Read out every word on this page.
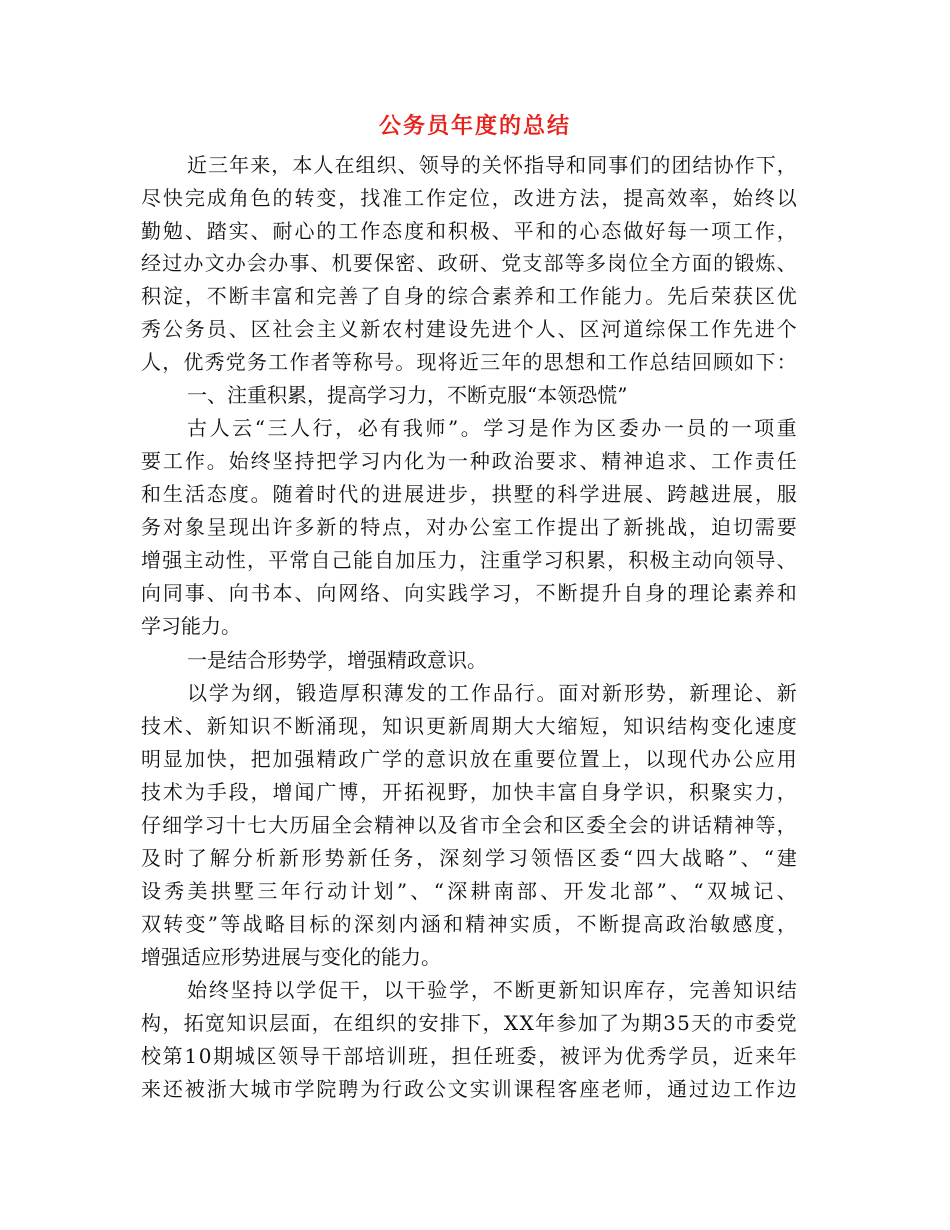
公务员年度的总结
近 三 年 来 ， 本 人 在 组 织 、 领 导 的 关 怀 指 导 和 同 事 们 的 团 结 协 作 下 ，
尽 快 完 成 角 色 的 转 变 ， 找 准 工 作 定 位 ， 改 进 方 法 ， 提 高 效 率 ， 始 终 以
勤 勉 、 踏 实 、 耐 心 的 工 作 态 度 和 积 极 、 平 和 的 心 态 做 好 每 一 项 工 作 ，
经 过 办 文 办 会 办 事 、 机 要 保 密 、 政 研 、 党 支 部 等 多 岗 位 全 方 面 的 锻 炼 、
积 淀 ， 不 断 丰 富 和 完 善 了 自 身 的 综 合 素 养 和 工 作 能 力 。 先 后 荣 获 区 优
秀 公 务 员 、 区 社 会 主 义 新 农 村 建 设 先 进 个 人 、 区 河 道 综 保 工 作 先 进 个
人 ， 优 秀 党 务 工 作 者 等 称 号 。 现 将 近 三 年 的 思 想 和 工 作 总 结 回 顾 如 下 ：
一、注重积累，提高学习力，不断克服“本领恐慌”
古 人 云 “ 三 人 行 ， 必 有 我 师 ” 。 学 习 是 作 为 区 委 办 一 员 的 一 项 重
要 工 作 。 始 终 坚 持 把 学 习 内 化 为 一 种 政 治 要 求 、 精 神 追 求 、 工 作 责 任
和 生 活 态 度 。 随 着 时 代 的 进 展 进 步 ， 拱 墅 的 科 学 进 展 、 跨 越 进 展 ， 服
务 对 象 呈 现 出 许 多 新 的 特 点 ， 对 办 公 室 工 作 提 出 了 新 挑 战 ， 迫 切 需 要
增 强 主 动 性 ， 平 常 自 己 能 自 加 压 力 ， 注 重 学 习 积 累 ， 积 极 主 动 向 领 导 、
向 同 事 、 向 书 本 、 向 网 络 、 向 实 践 学 习 ， 不 断 提 升 自 身 的 理 论 素 养 和
学习能力。
一是结合形势学，增强精政意识。
以 学 为 纲 ， 锻 造 厚 积 薄 发 的 工 作 品 行 。 面 对 新 形 势 ， 新 理 论 、 新
技 术 、 新 知 识 不 断 涌 现 ， 知 识 更 新 周 期 大 大 缩 短 ， 知 识 结 构 变 化 速 度
明 显 加 快 ， 把 加 强 精 政 广 学 的 意 识 放 在 重 要 位 置 上 ， 以 现 代 办 公 应 用
技 术 为 手 段 ， 增 闻 广 博 ， 开 拓 视 野 ， 加 快 丰 富 自 身 学 识 ， 积 聚 实 力 ，
仔 细 学 习 十 七 大 历 届 全 会 精 神 以 及 省 市 全 会 和 区 委 全 会 的 讲 话 精 神 等 ，
及 时 了 解 分 析 新 形 势 新 任 务 ， 深 刻 学 习 领 悟 区 委 “ 四 大 战 略 ” 、 “ 建
设 秀 美 拱 墅 三 年 行 动 计 划 ” 、 “ 深 耕 南 部 、 开 发 北 部 ” 、 “ 双 城 记 、
双 转 变 ” 等 战 略 目 标 的 深 刻 内 涵 和 精 神 实 质 ， 不 断 提 高 政 治 敏 感 度 ，
增强适应形势进展与变化的能力。
始 终 坚 持 以 学 促 干 ， 以 干 验 学 ， 不 断 更 新 知 识 库 存 ， 完 善 知 识 结
构 ， 拓 宽 知 识 层 面 ， 在 组 织 的 安 排 下 ， X X 年 参 加 了 为 期 3 5 天 的 市 委 党
校 第 1 0 期 城 区 领 导 干 部 培 训 班 ， 担 任 班 委 ， 被 评 为 优 秀 学 员 ， 近 来 年
来 还 被 浙 大 城 市 学 院 聘 为 行 政 公 文 实 训 课 程 客 座 老 师 ， 通 过 边 工 作 边
